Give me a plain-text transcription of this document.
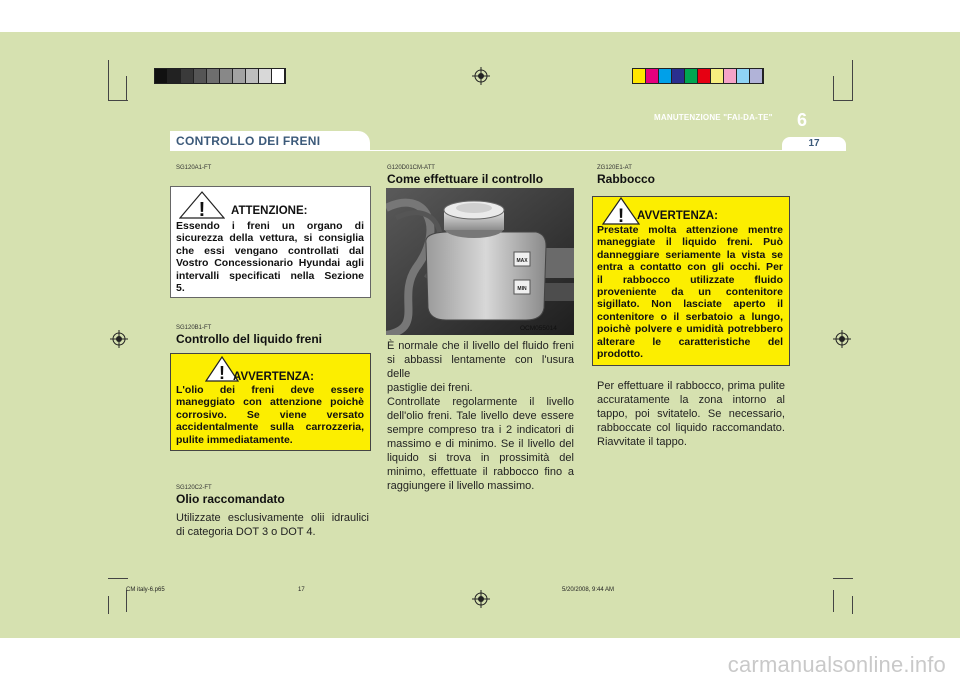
CONTROLLO DEI FRENI
MANUTENZIONE "FAI-DA-TE" 6
17
SG120A1-FT
! ATTENZIONE:
Essendo i freni un organo di
sicurezza della vettura, si consiglia
che essi vengano controllati dal
Vostro Concessionario Hyundai agli
intervalli specificati nella Sezione
5.
SG120B1-FT
Controllo del liquido freni
! AVVERTENZA:
L'olio dei freni deve essere
maneggiato con attenzione poichè
corrosivo. Se viene versato
accidentalmente sulla carrozzeria,
pulite immediatamente.
SG120C2-FT
Olio raccomandato
Utilizzate esclusivamente olii idraulici
di categoria DOT 3 o DOT 4.
G120D01CM-ATT
Come effettuare il controllo
MAX
MIN
OCM055014
È normale che il livello del fluido freni
si abbassi lentamente con l'usura delle
pastiglie dei freni.
Controllate regolarmente il livello
dell'olio freni. Tale livello deve essere
sempre compreso tra i 2 indicatori di
massimo e di minimo. Se il livello del
liquido si trova in prossimità del
minimo, effettuate il rabbocco fino a
raggiungere il livello massimo.
ZG120E1-AT
Rabbocco
! AVVERTENZA:
Prestate molta attenzione mentre
maneggiate il liquido freni. Può
danneggiare seriamente la vista se
entra a contatto con gli occhi. Per
il rabbocco utilizzate fluido
proveniente da un contenitore
sigillato. Non lasciate aperto il
contenitore o il serbatoio a lungo,
poichè polvere e umidità potrebbero
alterare le caratteristiche del
prodotto.
Per effettuare il rabbocco, prima pulite
accuratamente la zona intorno al
tappo, poi svitatelo. Se necessario,
rabboccate col liquido raccomandato.
Riavvitate il tappo.
CM italy-6.p65	17	5/20/2008, 9:44 AM
carmanualsonline.info
